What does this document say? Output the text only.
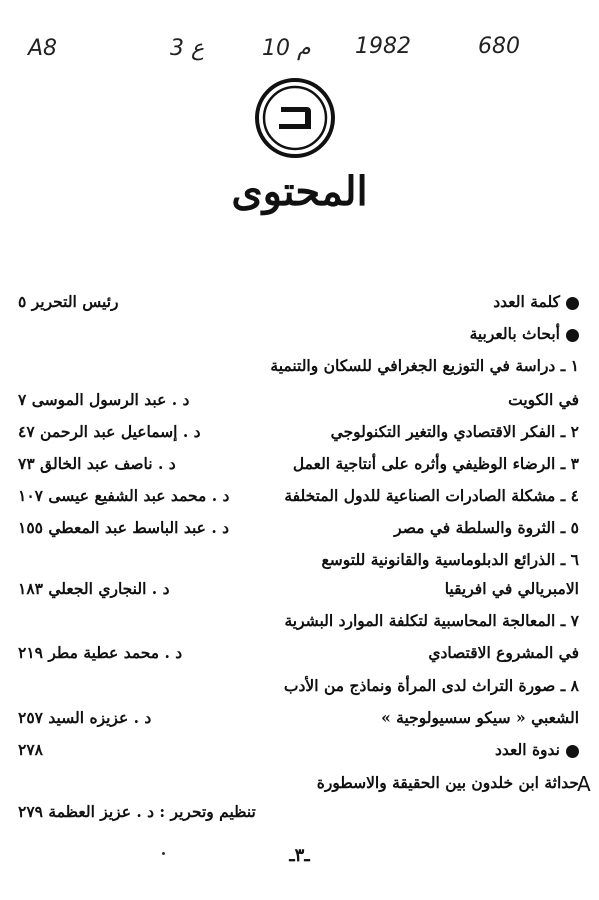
A8	3 ع	10 م 1982	680
المحتوى
كلمة العدد
رئيس التحرير ٥
أبحاث بالعربية
١ ـ دراسة في التوزيع الجغرافي للسكان والتنمية
في الكويت
د . عبد الرسول الموسى ٧
٢ ـ الفكر الاقتصادي والتغير التكنولوجي
د . إسماعيل عبد الرحمن ٤٧
٣ ـ الرضاء الوظيفي وأثره على أنتاجية العمل
د . ناصف عبد الخالق ٧٣
٤ ـ مشكلة الصادرات الصناعية للدول المتخلفة
د . محمد عبد الشفيع عيسى ١٠٧
٥ ـ الثروة والسلطة في مصر
د . عبد الباسط عبد المعطي ١٥٥
٦ ـ الذرائع الدبلوماسية والقانونية للتوسع
الامبريالي في افريقيا
د . النجاري الجعلي ١٨٣
٧ ـ المعالجة المحاسبية لتكلفة الموارد البشرية
في المشروع الاقتصادي
د . محمد عطية مطر ٢١٩
٨ ـ صورة التراث لدى المرأة ونماذج من الأدب
الشعبي « سيكو سسيولوجية »
د . عزيزه السيد ٢٥٧
ندوة العدد
٢٧٨
حداثة ابن خلدون بين الحقيقة والاسطورة
تنظيم وتحرير : د . عزيز العظمة ٢٧٩
A
ـ٣ـ
